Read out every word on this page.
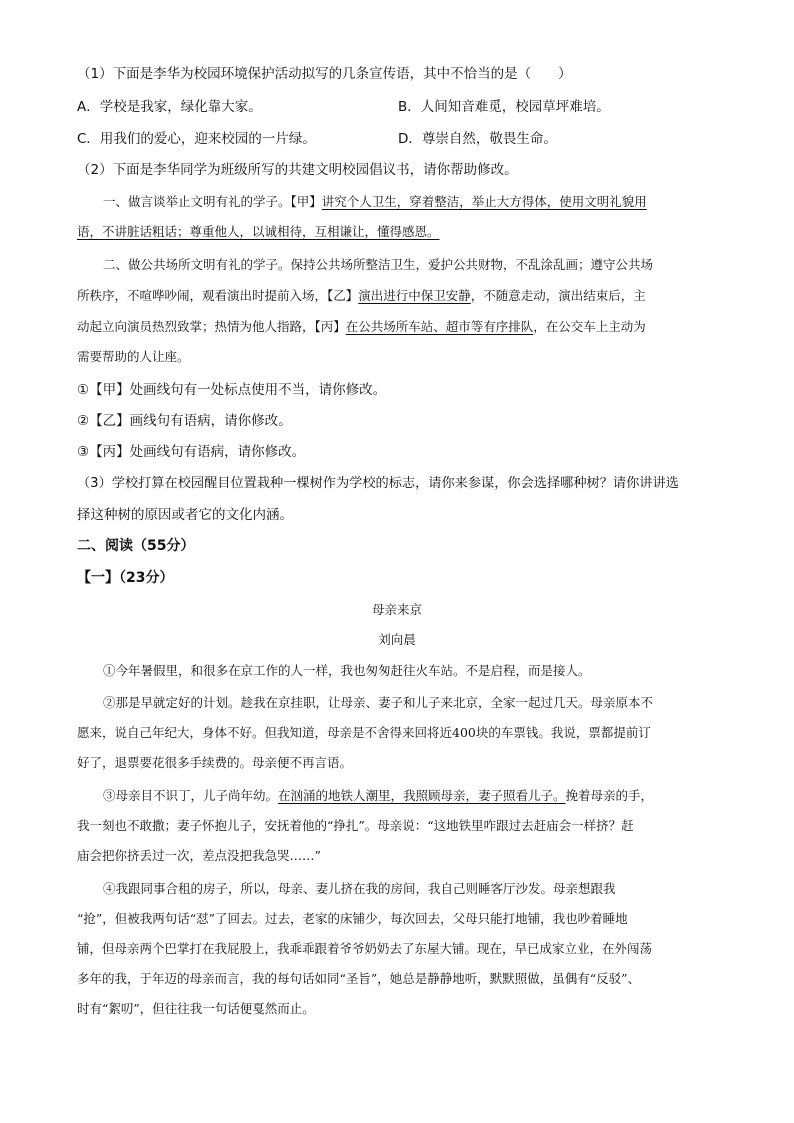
（1）下面是李华为校园环境保护活动拟写的几条宣传语，其中不恰当的是（　　）
A．学校是我家，绿化靠大家。	B．人间知音难觅，校园草坪难培。
C．用我们的爱心，迎来校园的一片绿。	D．尊崇自然，敬畏生命。
（2）下面是李华同学为班级所写的共建文明校园倡议书，请你帮助修改。
一、做言谈举止文明有礼的学子。【甲】讲究个人卫生，穿着整洁，举止大方得体，使用文明礼貌用
语，不讲脏话粗话；尊重他人，以诚相待，互相谦让，懂得感恩。
二、做公共场所文明有礼的学子。保持公共场所整洁卫生，爱护公共财物，不乱涂乱画；遵守公共场
所秩序，不喧哗吵闹，观看演出时提前入场，【乙】演出进行中保卫安静，不随意走动，演出结束后，主
动起立向演员热烈致掌；热情为他人指路，【丙】在公共场所车站、超市等有序排队，在公交车上主动为
需要帮助的人让座。
①【甲】处画线句有一处标点使用不当，请你修改。
②【乙】画线句有语病，请你修改。
③【丙】处画线句有语病，请你修改。
（3）学校打算在校园醒目位置栽种一棵树作为学校的标志，请你来参谋，你会选择哪种树？请你讲讲选
择这种树的原因或者它的文化内涵。
二、阅读（55分）
【一】（23分）
母亲来京
刘向晨
①今年暑假里，和很多在京工作的人一样，我也匆匆赶往火车站。不是启程，而是接人。
②那是早就定好的计划。趁我在京挂职，让母亲、妻子和儿子来北京，全家一起过几天。母亲原本不
愿来，说自己年纪大，身体不好。但我知道，母亲是不舍得来回将近400块的车票钱。我说，票都提前订
好了，退票要花很多手续费的。母亲便不再言语。
③母亲目不识丁，儿子尚年幼。在汹涌的地铁人潮里，我照顾母亲，妻子照看儿子。挽着母亲的手，
我一刻也不敢撒；妻子怀抱儿子，安抚着他的“挣扎”。母亲说：“这地铁里咋跟过去赶庙会一样挤？赶
庙会把你挤丢过一次，差点没把我急哭……”
④我跟同事合租的房子，所以，母亲、妻儿挤在我的房间，我自己则睡客厅沙发。母亲想跟我
“抢”，但被我两句话“怼”了回去。过去，老家的床铺少，每次回去，父母只能打地铺，我也吵着睡地
铺，但母亲两个巴掌打在我屁股上，我乖乖跟着爷爷奶奶去了东屋大铺。现在，早已成家立业，在外闯荡
多年的我，于年迈的母亲而言，我的每句话如同“圣旨”，她总是静静地听，默默照做，虽偶有“反驳”、
时有“絮叨”，但往往我一句话便戛然而止。
